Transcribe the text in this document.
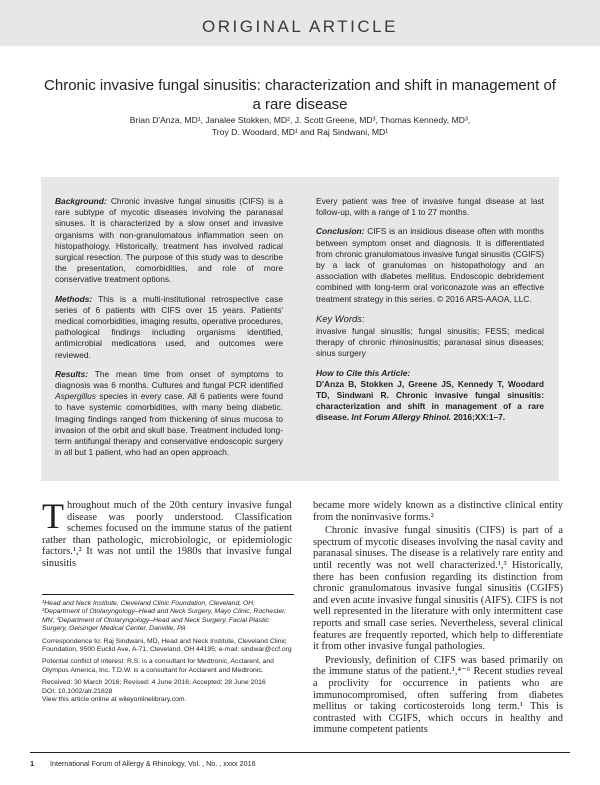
ORIGINAL ARTICLE
Chronic invasive fungal sinusitis: characterization and shift in management of a rare disease
Brian D'Anza, MD¹, Janalee Stokken, MD², J. Scott Greene, MD³, Thomas Kennedy, MD³,
Troy D. Woodard, MD¹ and Raj Sindwani, MD¹

Background: Chronic invasive fungal sinusitis (CIFS) is a rare subtype of mycotic diseases involving the paranasal sinuses. It is characterized by a slow onset and invasive organisms with non-granulomatous inflammation seen on histopathology. Historically, treatment has involved radical surgical resection. The purpose of this study was to describe the presentation, comorbidities, and role of more conservative treatment options.

Methods: This is a multi-institutional retrospective case series of 6 patients with CIFS over 15 years. Patients' medical comorbidities, imaging results, operative procedures, pathological findings including organisms identified, antimicrobial medications used, and outcomes were reviewed.

Results: The mean time from onset of symptoms to diagnosis was 6 months. Cultures and fungal PCR identified Aspergillus species in every case. All 6 patients were found to have systemic comorbidities, with many being diabetic. Imaging findings ranged from thickening of sinus mucosa to invasion of the orbit and skull base. Treatment included long-term antifungal therapy and conservative endoscopic surgery in all but 1 patient, who had an open approach.

Every patient was free of invasive fungal disease at last follow-up, with a range of 1 to 27 months.

Conclusion: CIFS is an insidious disease often with months between symptom onset and diagnosis. It is differentiated from chronic granulomatous invasive fungal sinusitis (CGIFS) by a lack of granulomas on histopathology and an association with diabetes mellitus. Endoscopic debridement combined with long-term oral voriconazole was an effective treatment strategy in this series. © 2016 ARS-AAOA, LLC.

Key Words:
invasive fungal sinusitis; fungal sinusitis; FESS; medical therapy of chronic rhinosinusitis; paranasal sinus diseases; sinus surgery

How to Cite this Article:
D'Anza B, Stokken J, Greene JS, Kennedy T, Woodard TD, Sindwani R. Chronic invasive fungal sinusitis: characterization and shift in management of a rare disease. Int Forum Allergy Rhinol. 2016;XX:1–7.

Throughout much of the 20th century invasive fungal disease was poorly understood. Classification schemes focused on the immune status of the patient rather than pathologic, microbiologic, or epidemiologic factors.¹,² It was not until the 1980s that invasive fungal sinusitis

¹Head and Neck Institute, Cleveland Clinic Foundation, Cleveland, OH; ²Department of Otolaryngology–Head and Neck Surgery, Mayo Clinic, Rochester, MN; ³Department of Otolaryngology–Head and Neck Surgery, Facial Plastic Surgery, Geisinger Medical Center, Danville, PA

Correspondence to: Raj Sindwani, MD, Head and Neck Institute, Cleveland Clinic Foundation, 9500 Euclid Ave, A-71, Cleveland, OH 44195; e-mail: sindwar@ccf.org

Potential conflict of interest: R.S. is a consultant for Medtronic, Acclarent, and Olympus America, Inc. T.D.W. is a consultant for Acclarent and Medtronic.

Received: 30 March 2016; Revised: 4 June 2016; Accepted: 28 June 2016
DOI: 10.1002/alr.21828
View this article online at wileyonlinelibrary.com.

became more widely known as a distinctive clinical entity from the noninvasive forms.²

Chronic invasive fungal sinusitis (CIFS) is part of a spectrum of mycotic diseases involving the nasal cavity and paranasal sinuses. The disease is a relatively rare entity and until recently was not well characterized.¹,³ Historically, there has been confusion regarding its distinction from chronic granulomatous invasive fungal sinusitis (CGIFS) and even acute invasive fungal sinusitis (AIFS). CIFS is not well represented in the literature with only intermittent case reports and small case series. Nevertheless, several clinical features are frequently reported, which help to differentiate it from other invasive fungal pathologies.

Previously, definition of CIFS was based primarily on the immune status of the patient.¹,⁴⁻⁶ Recent studies reveal a proclivity for occurrence in patients who are immunocompromised, often suffering from diabetes mellitus or taking corticosteroids long term.¹ This is contrasted with CGIFS, which occurs in healthy and immune competent patients

1 International Forum of Allergy & Rhinology, Vol. , No. , xxxx 2016
